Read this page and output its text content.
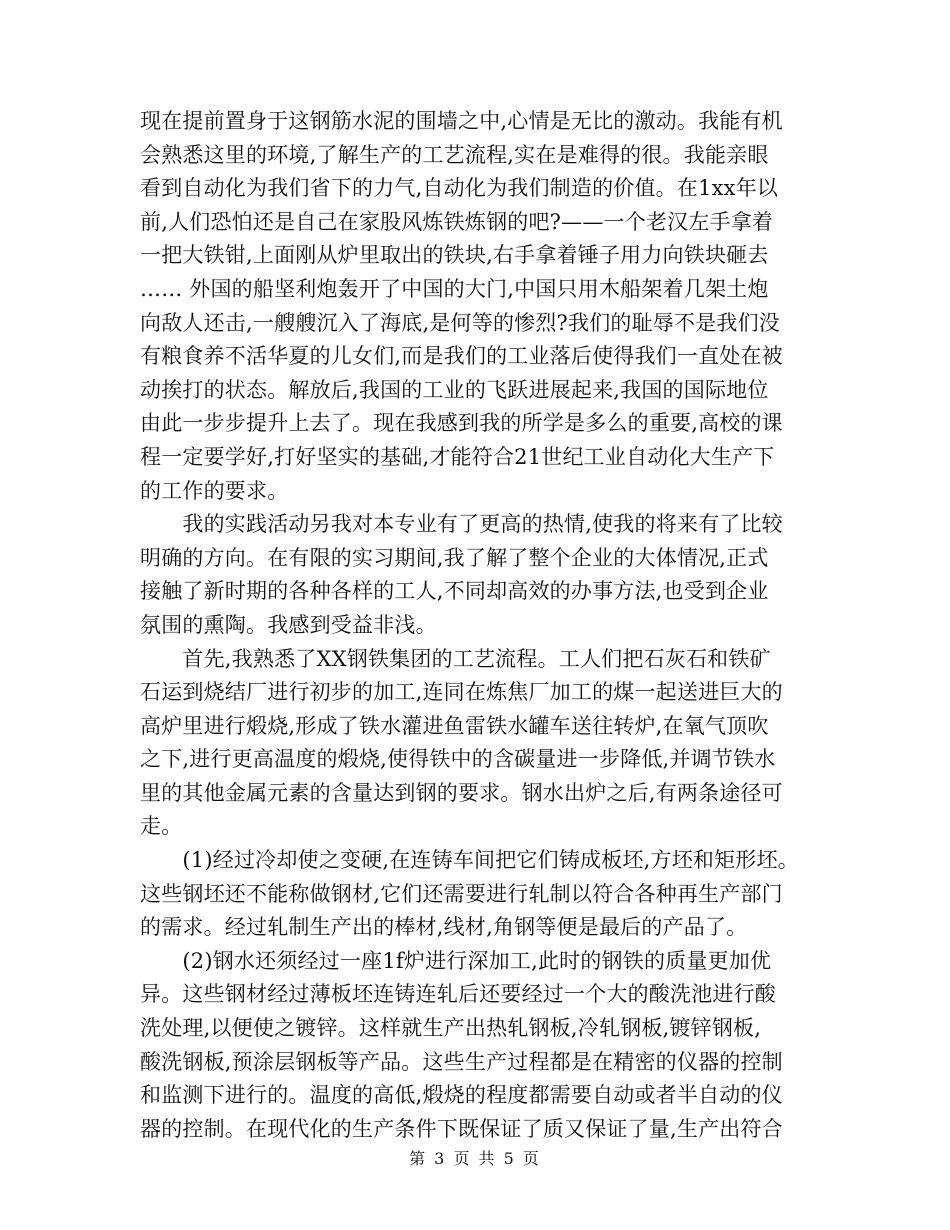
现在提前置身于这钢筋水泥的围墙之中,心情是无比的激动。我能有机
会熟悉这里的环境,了解生产的工艺流程,实在是难得的很。我能亲眼
看到自动化为我们省下的力气,自动化为我们制造的价值。在1xx年以
前,人们恐怕还是自己在家股风炼铁炼钢的吧?——一个老汉左手拿着
一把大铁钳,上面刚从炉里取出的铁块,右手拿着锤子用力向铁块砸去
…… 外国的船坚利炮轰开了中国的大门,中国只用木船架着几架土炮
向敌人还击,一艘艘沉入了海底,是何等的惨烈?我们的耻辱不是我们没
有粮食养不活华夏的儿女们,而是我们的工业落后使得我们一直处在被
动挨打的状态。解放后,我国的工业的飞跃进展起来,我国的国际地位
由此一步步提升上去了。现在我感到我的所学是多么的重要,高校的课
程一定要学好,打好坚实的基础,才能符合21世纪工业自动化大生产下
的工作的要求。
　　我的实践活动另我对本专业有了更高的热情,使我的将来有了比较
明确的方向。在有限的实习期间,我了解了整个企业的大体情况,正式
接触了新时期的各种各样的工人,不同却高效的办事方法,也受到企业
氛围的熏陶。我感到受益非浅。
　　首先,我熟悉了XX钢铁集团的工艺流程。工人们把石灰石和铁矿
石运到烧结厂进行初步的加工,连同在炼焦厂加工的煤一起送进巨大的
高炉里进行煅烧,形成了铁水灌进鱼雷铁水罐车送往转炉,在氧气顶吹
之下,进行更高温度的煅烧,使得铁中的含碳量进一步降低,并调节铁水
里的其他金属元素的含量达到钢的要求。钢水出炉之后,有两条途径可
走。
　　(1)经过冷却使之变硬,在连铸车间把它们铸成板坯,方坯和矩形坯。
这些钢坯还不能称做钢材,它们还需要进行轧制以符合各种再生产部门
的需求。经过轧制生产出的棒材,线材,角钢等便是最后的产品了。
　　(2)钢水还须经过一座1f炉进行深加工,此时的钢铁的质量更加优
异。这些钢材经过薄板坯连铸连轧后还要经过一个大的酸洗池进行酸
洗处理,以便使之镀锌。这样就生产出热轧钢板,冷轧钢板,镀锌钢板,
酸洗钢板,预涂层钢板等产品。这些生产过程都是在精密的仪器的控制
和监测下进行的。温度的高低,煅烧的程度都需要自动或者半自动的仪
器的控制。在现代化的生产条件下既保证了质又保证了量,生产出符合
第 3 页 共 5 页
